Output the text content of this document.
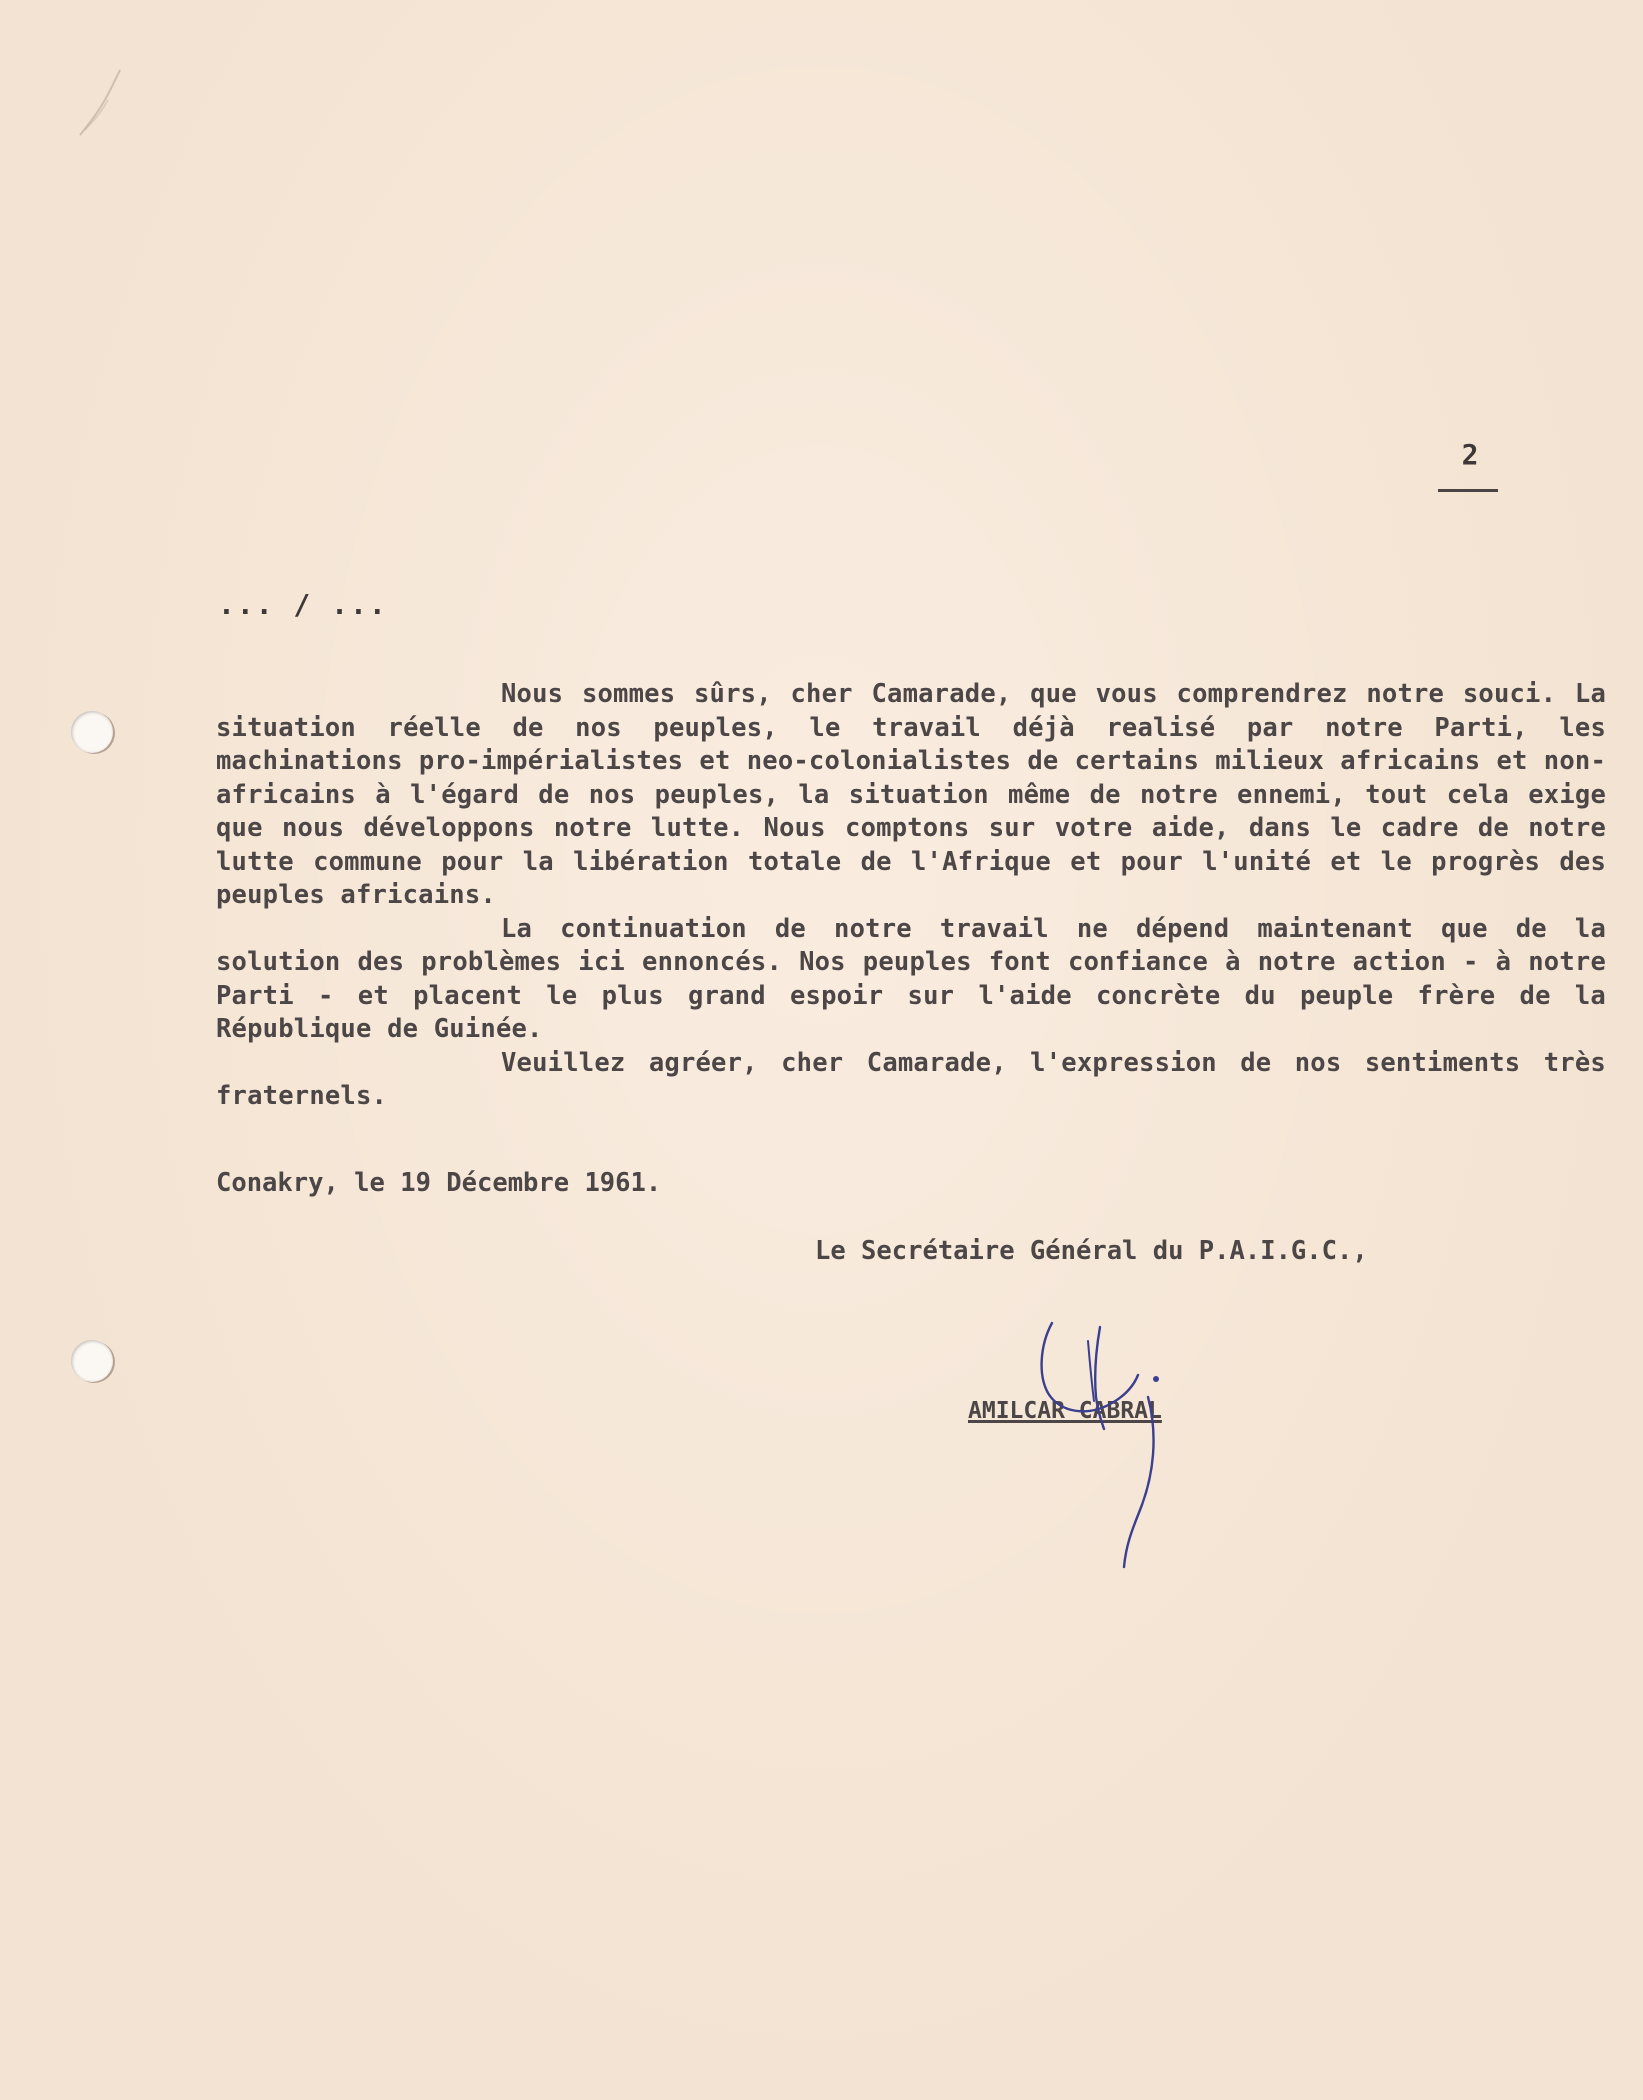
2
... / ...

Nous sommes sûrs, cher Camarade, que vous comprendrez notre souci. La situation réelle de nos peuples, le travail déjà realisé par notre Parti, les machinations pro-impérialistes et neo-colonialistes de certains milieux africains et non-africains à l'égard de nos peuples, la situation même de notre ennemi, tout cela exige que nous développons notre lutte. Nous comptons sur votre aide, dans le cadre de notre lutte commune pour la libération totale de l'Afrique et pour l'unité et le progrès des peuples africains.

La continuation de notre travail ne dépend maintenant que de la solution des problèmes ici ennoncés. Nos peuples font confiance à notre action - à notre Parti - et placent le plus grand espoir sur l'aide concrète du peuple frère de la République de Guinée.

Veuillez agréer, cher Camarade, l'expression de nos sentiments très fraternels.

Conakry, le 19 Décembre 1961.
Le Secrétaire Général du P.A.I.G.C.,
AMILCAR CABRAL
